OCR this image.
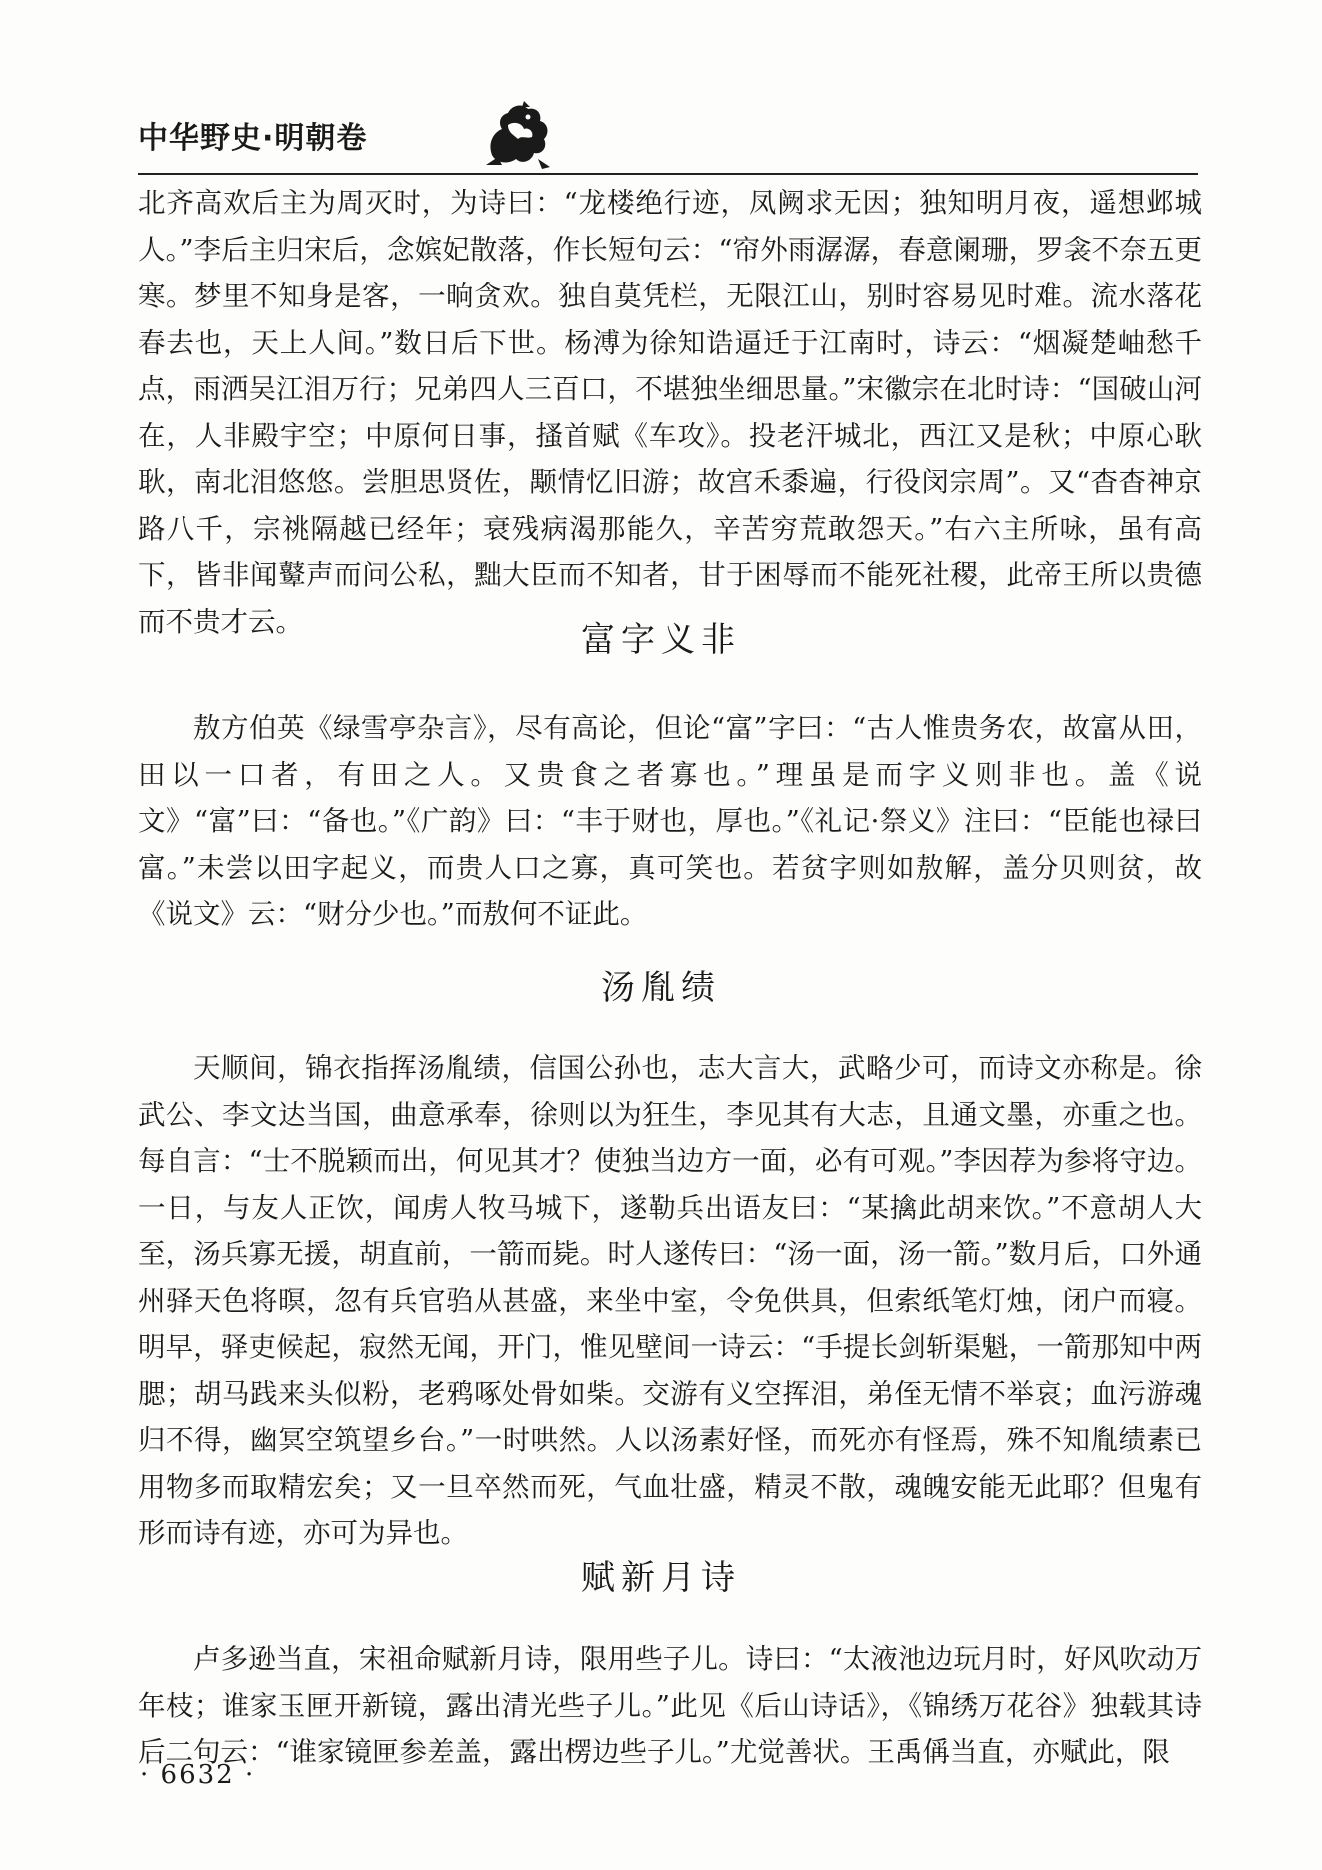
中华野史·明朝卷
北齐高欢后主为周灭时，为诗曰：“龙楼绝行迹，凤阙求无因；独知明月夜，遥想邺城人。”李后主归宋后，念嫔妃散落，作长短句云：“帘外雨潺潺，春意阑珊，罗衾不奈五更寒。梦里不知身是客，一晌贪欢。独自莫凭栏，无限江山，别时容易见时难。流水落花春去也，天上人间。”数日后下世。杨溥为徐知诰逼迁于江南时，诗云：“烟凝楚岫愁千点，雨洒吴江泪万行；兄弟四人三百口，不堪独坐细思量。”宋徽宗在北时诗：“国破山河在，人非殿宇空；中原何日事，搔首赋《车攻》。投老汗城北，西江又是秋；中原心耿耿，南北泪悠悠。尝胆思贤佐，颙情忆旧游；故宫禾黍遍，行役闵宗周”。又“杳杳神京路八千，宗祧隔越已经年；衰残病渴那能久，辛苦穷荒敢怨天。”右六主所咏，虽有高下，皆非闻鼙声而问公私，黜大臣而不知者，甘于困辱而不能死社稷，此帝王所以贵德而不贵才云。	富字义非
敖方伯英《绿雪亭杂言》，尽有高论，但论“富”字曰：“古人惟贵务农，故富从田，田以一口者，有田之人。又贵食之者寡也。”理虽是而字义则非也。盖《说文》“富”曰：“备也。”《广韵》曰：“丰于财也，厚也。”《礼记·祭义》注曰：“臣能也禄曰富。”未尝以田字起义，而贵人口之寡，真可笑也。若贫字则如敖解，盖分贝则贫，故《说文》云：“财分少也。”而敖何不证此。
汤胤绩
天顺间，锦衣指挥汤胤绩，信国公孙也，志大言大，武略少可，而诗文亦称是。徐武公、李文达当国，曲意承奉，徐则以为狂生，李见其有大志，且通文墨，亦重之也。每自言：“士不脱颖而出，何见其才？使独当边方一面，必有可观。”李因荐为参将守边。一日，与友人正饮，闻虏人牧马城下，遂勒兵出语友曰：“某擒此胡来饮。”不意胡人大至，汤兵寡无援，胡直前，一箭而毙。时人遂传曰：“汤一面，汤一箭。”数月后，口外通州驿天色将暝，忽有兵官驺从甚盛，来坐中室，令免供具，但索纸笔灯烛，闭户而寝。明早，驿吏候起，寂然无闻，开门，惟见壁间一诗云：“手提长剑斩渠魁，一箭那知中两腮；胡马践来头似粉，老鸦啄处骨如柴。交游有义空挥泪，弟侄无情不举哀；血污游魂归不得，幽冥空筑望乡台。”一时哄然。人以汤素好怪，而死亦有怪焉，殊不知胤绩素已用物多而取精宏矣；又一旦卒然而死，气血壮盛，精灵不散，魂魄安能无此耶？但鬼有形而诗有迹，亦可为异也。
赋新月诗
卢多逊当直，宋祖命赋新月诗，限用些子儿。诗曰：“太液池边玩月时，好风吹动万年枝；谁家玉匣开新镜，露出清光些子儿。”此见《后山诗话》，《锦绣万花谷》独载其诗后二句云：“谁家镜匣参差盖，露出楞边些子儿。”尤觉善状。王禹偁当直，亦赋此，限
· 6632 ·
